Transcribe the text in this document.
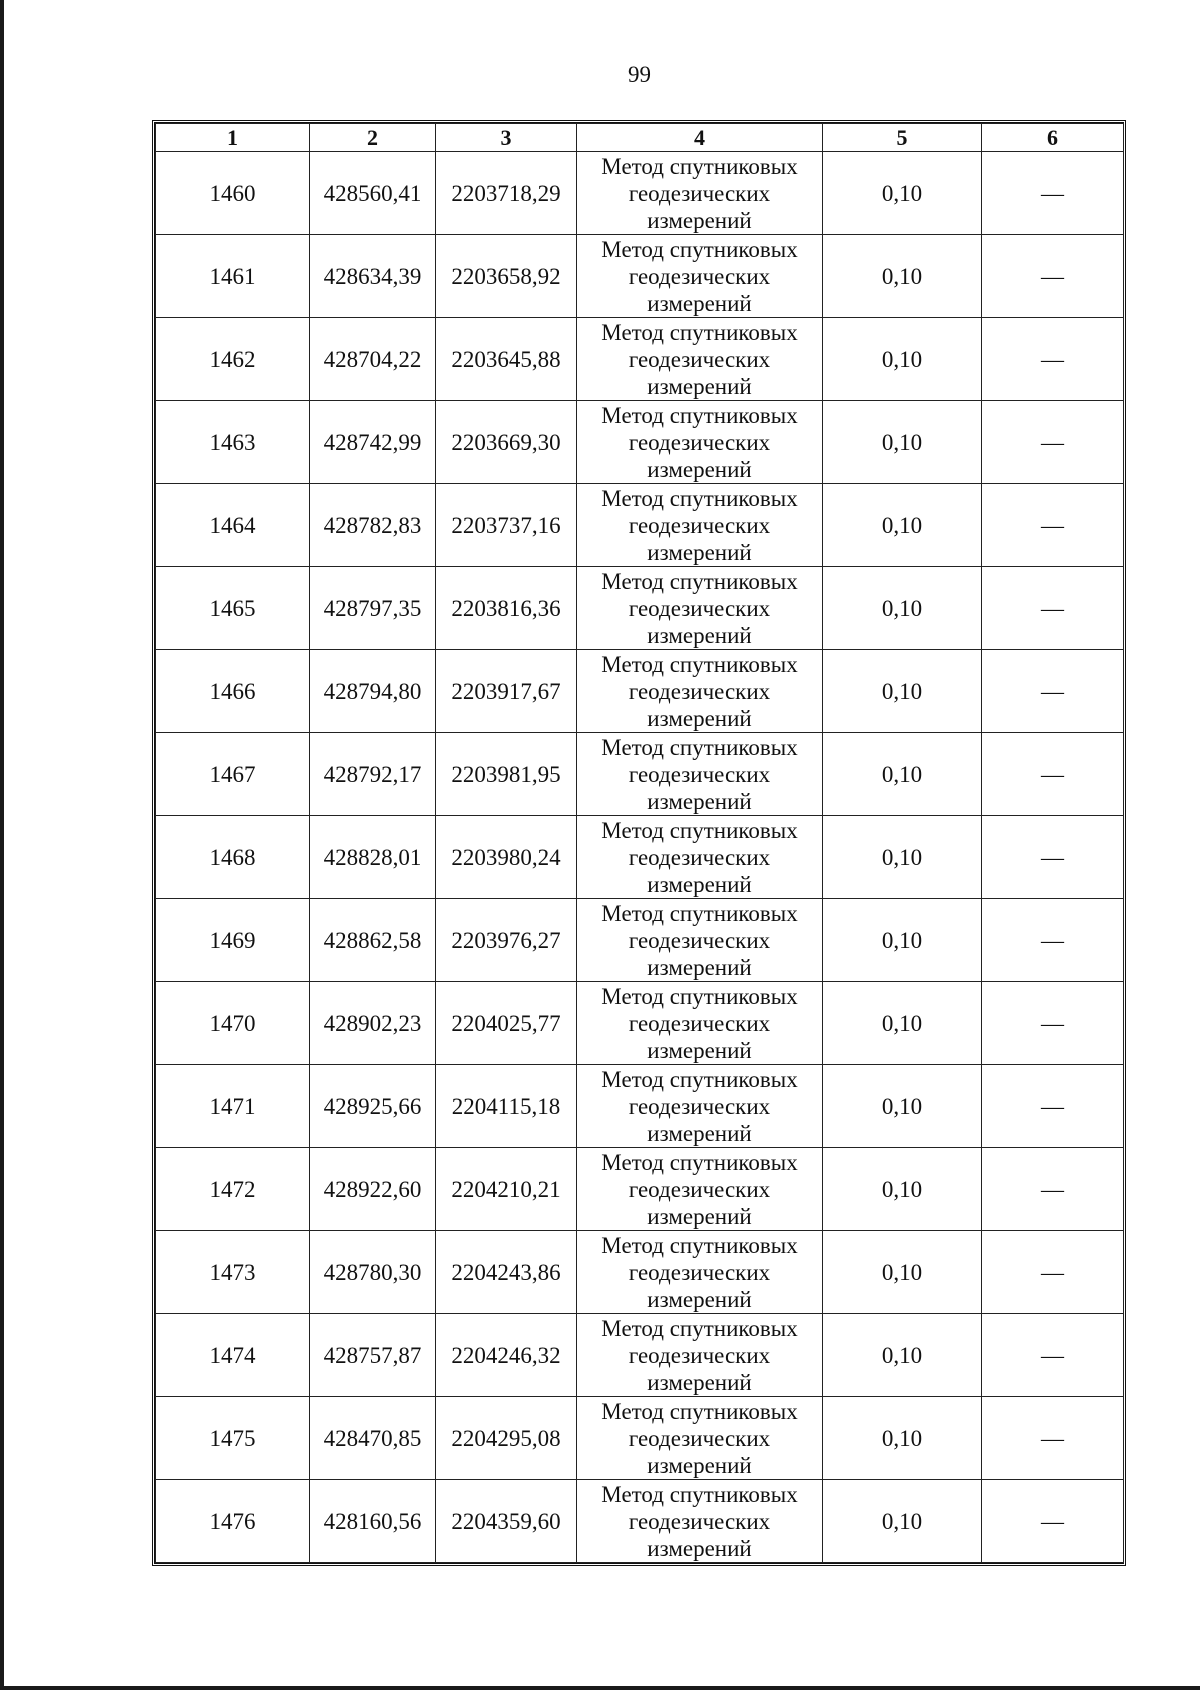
99
1	2	3	4	5	6
1460	428560,41	2203718,29	Метод спутниковых геодезических измерений	0,10	—
1461	428634,39	2203658,92	Метод спутниковых геодезических измерений	0,10	—
1462	428704,22	2203645,88	Метод спутниковых геодезических измерений	0,10	—
1463	428742,99	2203669,30	Метод спутниковых геодезических измерений	0,10	—
1464	428782,83	2203737,16	Метод спутниковых геодезических измерений	0,10	—
1465	428797,35	2203816,36	Метод спутниковых геодезических измерений	0,10	—
1466	428794,80	2203917,67	Метод спутниковых геодезических измерений	0,10	—
1467	428792,17	2203981,95	Метод спутниковых геодезических измерений	0,10	—
1468	428828,01	2203980,24	Метод спутниковых геодезических измерений	0,10	—
1469	428862,58	2203976,27	Метод спутниковых геодезических измерений	0,10	—
1470	428902,23	2204025,77	Метод спутниковых геодезических измерений	0,10	—
1471	428925,66	2204115,18	Метод спутниковых геодезических измерений	0,10	—
1472	428922,60	2204210,21	Метод спутниковых геодезических измерений	0,10	—
1473	428780,30	2204243,86	Метод спутниковых геодезических измерений	0,10	—
1474	428757,87	2204246,32	Метод спутниковых геодезических измерений	0,10	—
1475	428470,85	2204295,08	Метод спутниковых геодезических измерений	0,10	—
1476	428160,56	2204359,60	Метод спутниковых геодезических измерений	0,10	—
